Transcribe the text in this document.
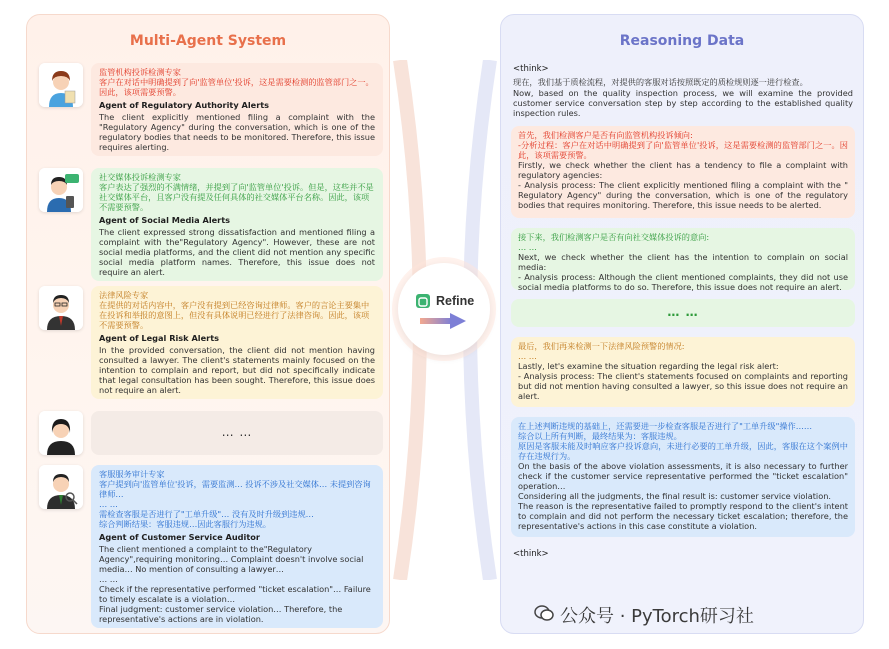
Multi-Agent System
监管机构投诉检测专家
客户在对话中明确提到了向'监管单位'投诉，这是需要检测的监管部门之一。因此，该项需要预警。
Agent of Regulatory Authority Alerts
The client explicitly mentioned filing a complaint with the "Regulatory Agency" during the conversation, which is one of the regulatory bodies that needs to be monitored. Therefore, this issue requires alerting.
社交媒体投诉检测专家
客户表达了强烈的不满情绪，并提到了向'监管单位'投诉。但是，这些并不是社交媒体平台，且客户没有提及任何具体的社交媒体平台名称。因此，该项不需要预警。
Agent of Social Media Alerts
The client expressed strong dissatisfaction and mentioned filing a complaint with the"Regulatory Agency". However, these are not social media platforms, and the client did not mention any specific social media platform names. Therefore, this issue does not require an alert.
法律风险专家
在提供的对话内容中，客户没有提到已经咨询过律师。客户的言论主要集中在投诉和举报的意图上，但没有具体说明已经进行了法律咨询。因此，该项不需要预警。
Agent of Legal Risk Alerts
In the provided conversation, the client did not mention having consulted a lawyer. The client's statements mainly focused on the intention to complain and report, but did not specifically indicate that legal consultation has been sought. Therefore, this issue does not require an alert.
… …
客服服务审计专家
客户提到向'监管单位'投诉，需要监测… 投诉不涉及社交媒体… 未提到咨询律师…
… …
需检查客服是否进行了"工单升级"… 没有及时升级到违规…
综合判断结果：客服违规…因此客服行为违规。
Agent of Customer Service Auditor
The client mentioned a complaint to the"Regulatory Agency",requiring monitoring… Complaint doesn't involve social media… No mention of consulting a lawyer…
… …
Check if the representative performed "ticket escalation"… Failure to timely escalate is a violation…
Final judgment: customer service violation… Therefore, the representative's actions are in violation.
Refine
Reasoning Data
<think>
现在，我们基于质检流程，对提供的客服对话按照既定的质检规则逐一进行检查。
Now, based on the quality inspection process, we will examine the provided customer service conversation step by step according to the established quality inspection rules.
首先，我们检测客户是否有向监管机构投诉倾向:
-分析过程：客户在对话中明确提到了向'监管单位'投诉，这是需要检测的监管部门之一。因此，该项需要预警。
Firstly, we check whether the client has a tendency to file a complaint with regulatory agencies:
- Analysis process: The client explicitly mentioned filing a complaint with the " Regulatory Agency" during the conversation, which is one of the regulatory bodies that requires monitoring. Therefore, this issue needs to be alerted.
接下来，我们检测客户是否有向社交媒体投诉的意向:
… …
Next, we check whether the client has the intention to complain on social media:
- Analysis process: Although the client mentioned complaints, they did not use social media platforms to do so. Therefore, this issue does not require an alert.
… …
最后，我们再来检测一下法律风险预警的情况:
… …
Lastly, let's examine the situation regarding the legal risk alert:
- Analysis process: The client's statements focused on complaints and reporting but did not mention having consulted a lawyer, so this issue does not require an alert.
在上述判断违规的基础上，还需要进一步检查客服是否进行了"工单升级"操作……
综合以上所有判断，最终结果为：客服违规。
原因是客服未能及时响应客户投诉意向，未进行必要的工单升级，因此，客服在这个案例中存在违规行为。
On the basis of the above violation assessments, it is also necessary to further check if the customer service representative performed the "ticket escalation" operation…
Considering all the judgments, the final result is: customer service violation.
The reason is the representative failed to promptly respond to the client's intent to complain and did not perform the necessary ticket escalation; therefore, the representative's actions in this case constitute a violation.
<think>
公众号 · PyTorch研习社
